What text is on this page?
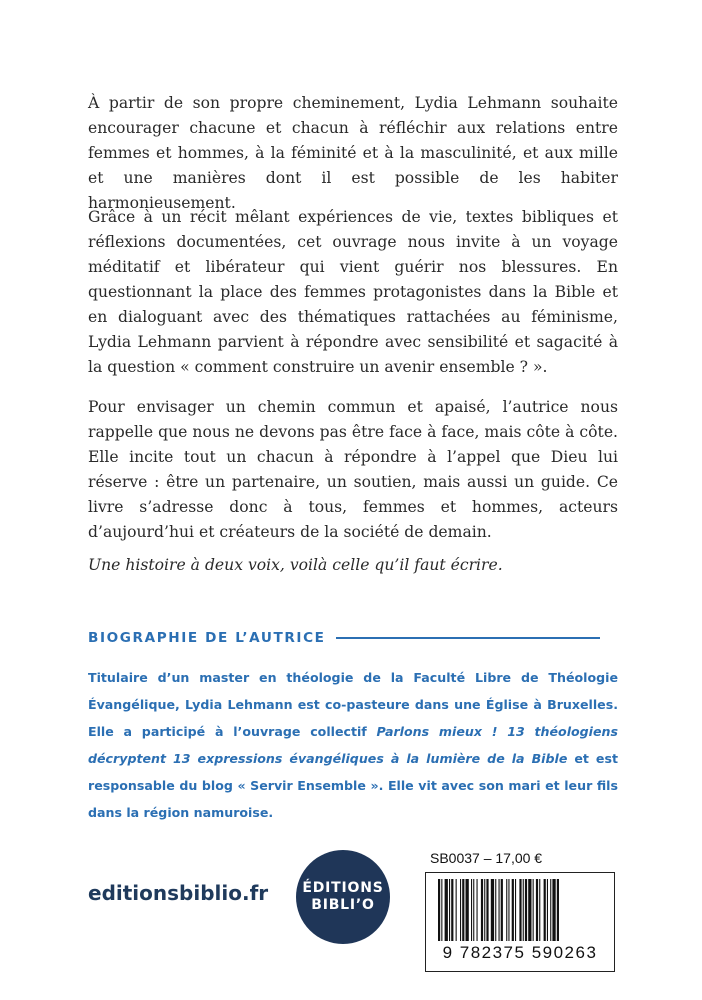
À partir de son propre cheminement, Lydia Lehmann souhaite encourager chacune et chacun à réfléchir aux relations entre femmes et hommes, à la féminité et à la masculinité, et aux mille et une manières dont il est possible de les habiter harmonieusement.

Grâce à un récit mêlant expériences de vie, textes bibliques et réflexions documentées, cet ouvrage nous invite à un voyage méditatif et libérateur qui vient guérir nos blessures. En questionnant la place des femmes protagonistes dans la Bible et en dialoguant avec des thématiques rattachées au féminisme, Lydia Lehmann parvient à répondre avec sensibilité et sagacité à la question « comment construire un avenir ensemble ? ».

Pour envisager un chemin commun et apaisé, l’autrice nous rappelle que nous ne devons pas être face à face, mais côte à côte. Elle incite tout un chacun à répondre à l’appel que Dieu lui réserve : être un partenaire, un soutien, mais aussi un guide. Ce livre s’adresse donc à tous, femmes et hommes, acteurs d’aujourd’hui et créateurs de la société de demain.

Une histoire à deux voix, voilà celle qu’il faut écrire.

BIOGRAPHIE DE L’AUTRICE

Titulaire d’un master en théologie de la Faculté Libre de Théologie Évangélique, Lydia Lehmann est co-pasteure dans une Église à Bruxelles. Elle a participé à l’ouvrage collectif Parlons mieux ! 13 théologiens décryptent 13 expressions évangéliques à la lumière de la Bible et est responsable du blog « Servir Ensemble ». Elle vit avec son mari et leur fils dans la région namuroise.

editionsbiblio.fr ÉDITIONS
BIBLI’O
SB0037 – 17,00 €
9 782375 590263
